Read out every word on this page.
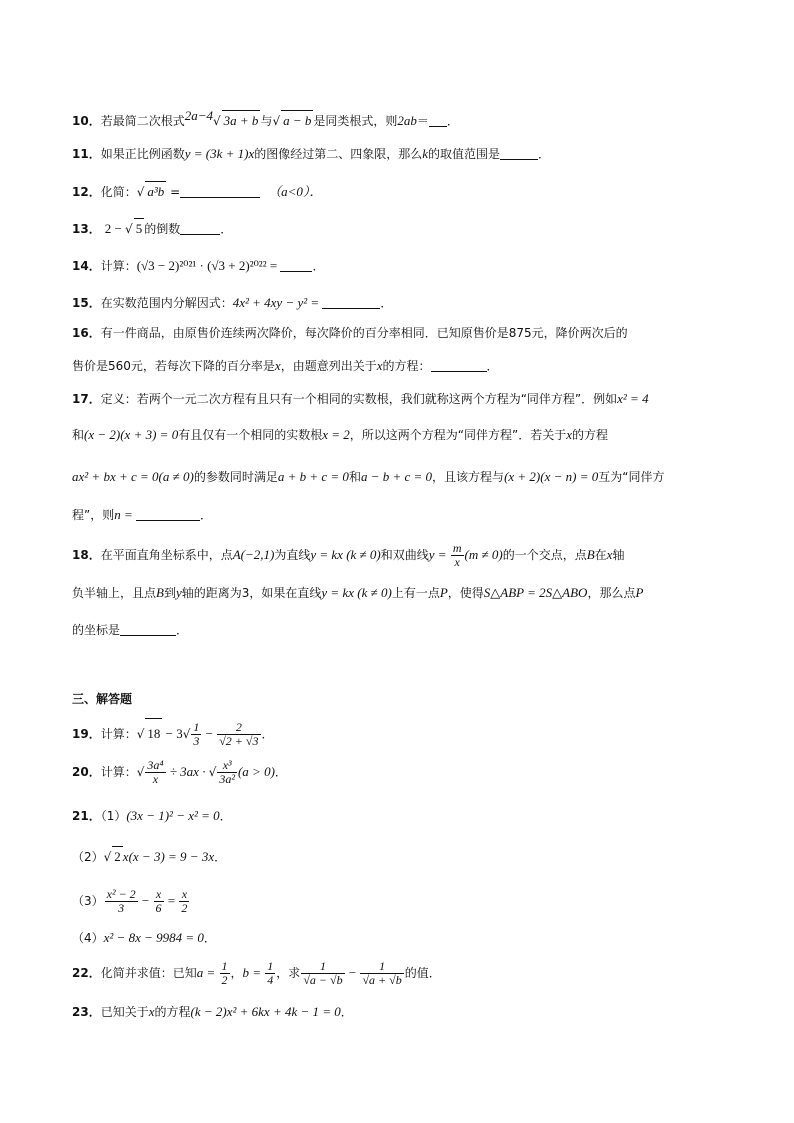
10．若最简二次根式$^{2a-4}$√ 3a + b 与√ a − b 是同类根式，则2ab＝ ．
11．如果正比例函数y = (3k + 1)x的图像经过第二、四象限，那么k的取值范围是	．
12．化简：√ a³b =	（a<0）．
13． 2 − √ 5 的倒数	．
14．计算：(√3 − 2)²⁰²¹ · (√3 + 2)²⁰²² =	．
15．在实数范围内分解因式：4x² + 4xy − y² =	．
16．有一件商品，由原售价连续两次降价，每次降价的百分率相同．已知原售价是875元，降价两次后的
售价是560元，若每次下降的百分率是x，由题意列出关于x的方程：	．
17．定义：若两个一元二次方程有且只有一个相同的实数根，我们就称这两个方程为“同伴方程”．例如x² = 4
和(x − 2)(x + 3) = 0有且仅有一个相同的实数根x = 2，所以这两个方程为“同伴方程”．若关于x的方程
ax² + bx + c = 0(a ≠ 0)的参数同时满足a + b + c = 0和a − b + c = 0，且该方程与(x + 2)(x − n) = 0互为“同伴方
程”，则n =	．
18．在平面直角坐标系中，点A(−2,1)为直线y = kx (k ≠ 0)和双曲线$y = \frac{m}{x} (m \ne 0)$的一个交点，点B在x轴
负半轴上，且点B到y轴的距离为3，如果在直线y = kx (k ≠ 0)上有一点P，使得S△ABP = 2S△ABO，那么点P
的坐标是	．
三、解答题
19．计算：√ $18 - 3√ \frac{1}{3} - \frac{2}{√2 + √3}$ ．
20．计算：√ $\frac{\text{3a⁴}}{x} \div 3ax$ · √ $\frac{\text{x³}}{\text{3a²}} (a > 0)$．
21．（1）(3x − 1)² − x² = 0．
（2）√ 2 x(x − 3) = 9 − 3x．
$(3) \frac{\text{x² − 2}}{3} - \frac{x}{6} = \frac{x}{2}$
（4）x² − 8x − 9984 = 0．
22．化简并求值：已知$a = \frac{1}{2}$ ，$b = \frac{1}{4}$ ，求 $\frac{1}{√a - √b} - \frac{1}{√a + √b}$ 的值．
23．已知关于x的方程(k − 2)x² + 6kx + 4k − 1 = 0．
